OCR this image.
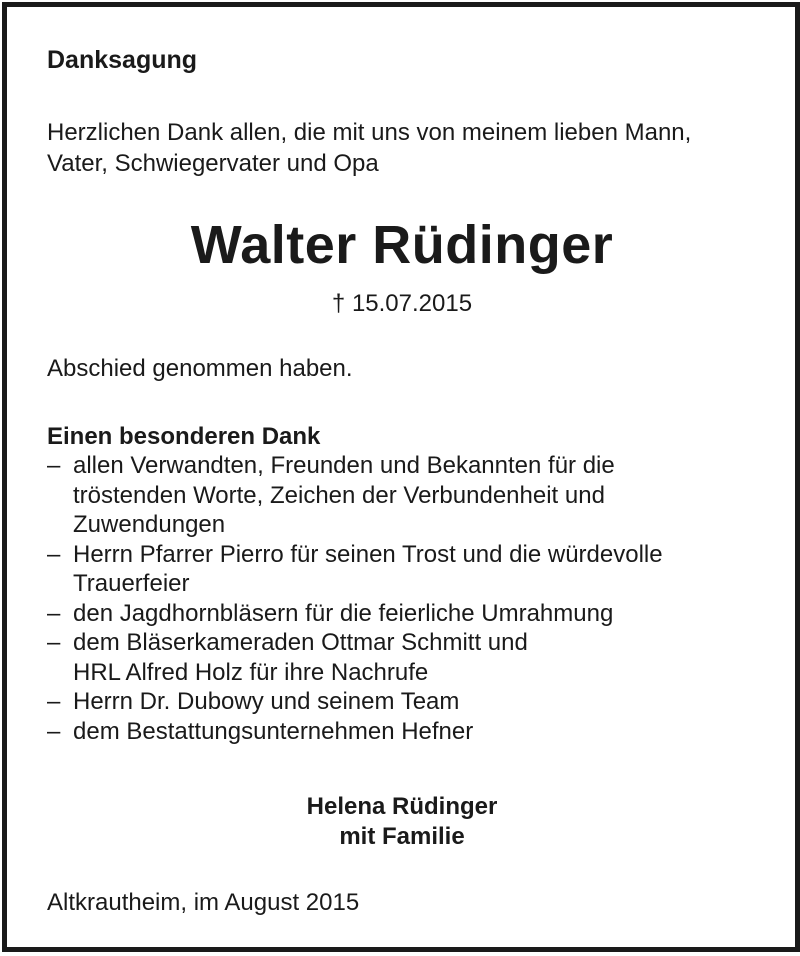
Danksagung
Herzlichen Dank allen, die mit uns von meinem lieben Mann,
Vater, Schwiegervater und Opa
Walter Rüdinger
† 15.07.2015
Abschied genommen haben.
Einen besonderen Dank
– allen Verwandten, Freunden und Bekannten für die
tröstenden Worte, Zeichen der Verbundenheit und
Zuwendungen
– Herrn Pfarrer Pierro für seinen Trost und die würdevolle
Trauerfeier
– den Jagdhornbläsern für die feierliche Umrahmung
– dem Bläserkameraden Ottmar Schmitt und
HRL Alfred Holz für ihre Nachrufe
– Herrn Dr. Dubowy und seinem Team
– dem Bestattungsunternehmen Hefner
Helena Rüdinger
mit Familie
Altkrautheim, im August 2015
